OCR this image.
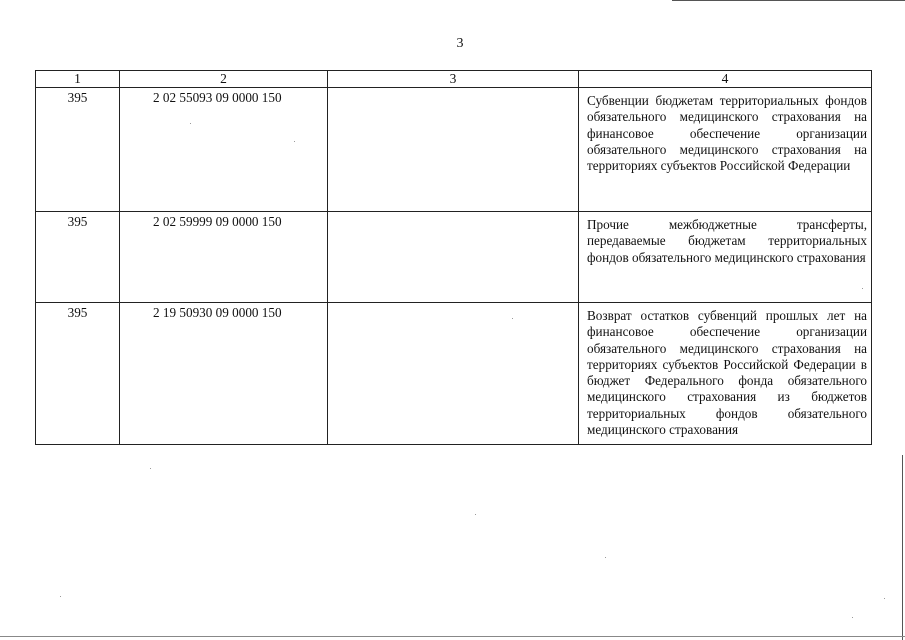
3
1	2	3	4
395	2 02 55093 09 0000 150		Субвенции бюджетам территориальных фондов обязательного медицинского страхования на финансовое обеспечение организации обязательного медицинского страхования на территориях субъектов Российской Федерации
395	2 02 59999 09 0000 150		Прочие межбюджетные трансферты, передаваемые бюджетам территориальных фондов обязательного медицинского страхования
395	2 19 50930 09 0000 150		Возврат остатков субвенций прошлых лет на финансовое обеспечение организации обязательного медицинского страхования на территориях субъектов Российской Федерации в бюджет Федерального фонда обязательного медицинского страхования из бюджетов территориальных фондов обязательного медицинского страхования
